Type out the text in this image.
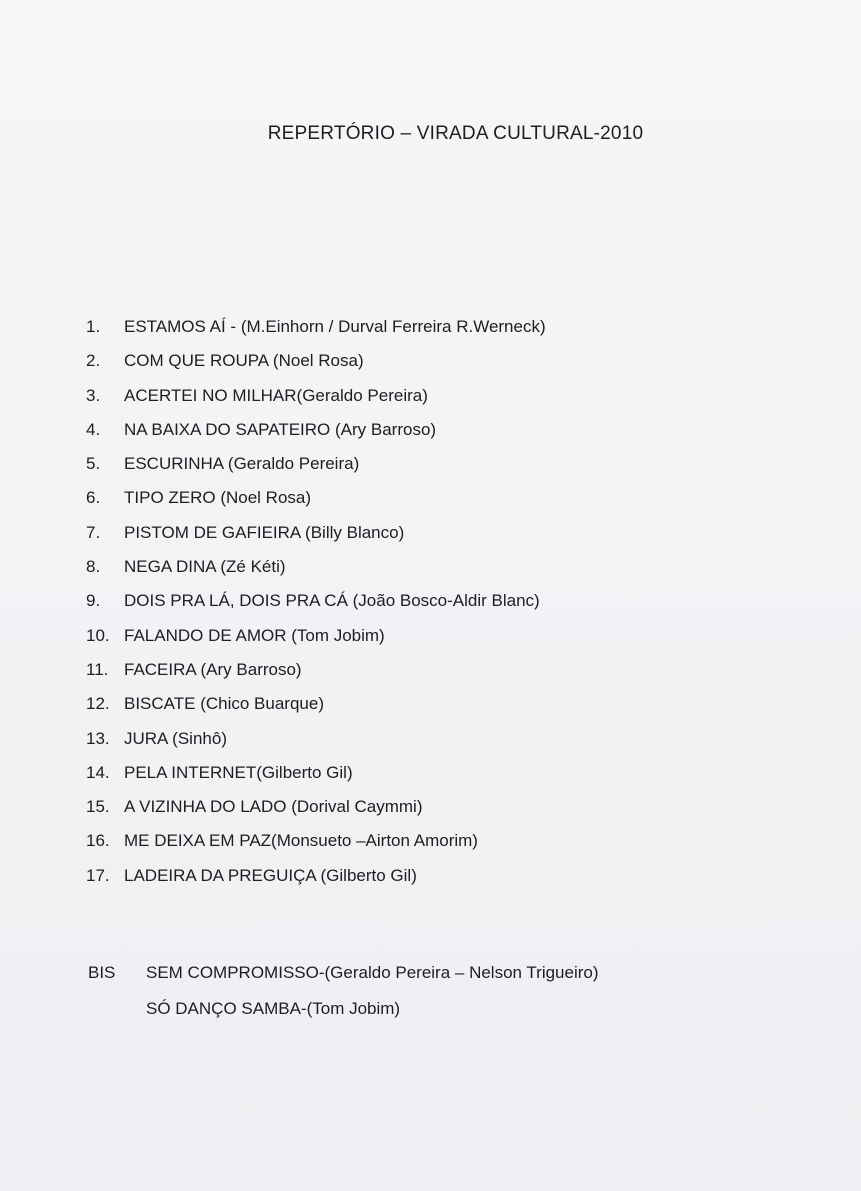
REPERTÓRIO – VIRADA CULTURAL-2010
1.	ESTAMOS AÍ - (M.Einhorn / Durval Ferreira R.Werneck)
2.	COM QUE ROUPA (Noel Rosa)
3.	ACERTEI NO MILHAR(Geraldo Pereira)
4.	NA BAIXA DO SAPATEIRO (Ary Barroso)
5.	ESCURINHA (Geraldo Pereira)
6.	TIPO ZERO (Noel Rosa)
7.	PISTOM DE GAFIEIRA (Billy Blanco)
8.	NEGA DINA (Zé Kéti)
9.	DOIS PRA LÁ, DOIS PRA CÁ (João Bosco-Aldir Blanc)
10. FALANDO DE AMOR (Tom Jobim)
11. FACEIRA (Ary Barroso)
12. BISCATE (Chico Buarque)
13. JURA (Sinhô)
14. PELA INTERNET(Gilberto Gil)
15. A VIZINHA DO LADO (Dorival Caymmi)
16. ME DEIXA EM PAZ(Monsueto –Airton Amorim)
17. LADEIRA DA PREGUIÇA (Gilberto Gil)
BIS SEM COMPROMISSO-(Geraldo Pereira – Nelson Trigueiro)
SÓ DANÇO SAMBA-(Tom Jobim)
